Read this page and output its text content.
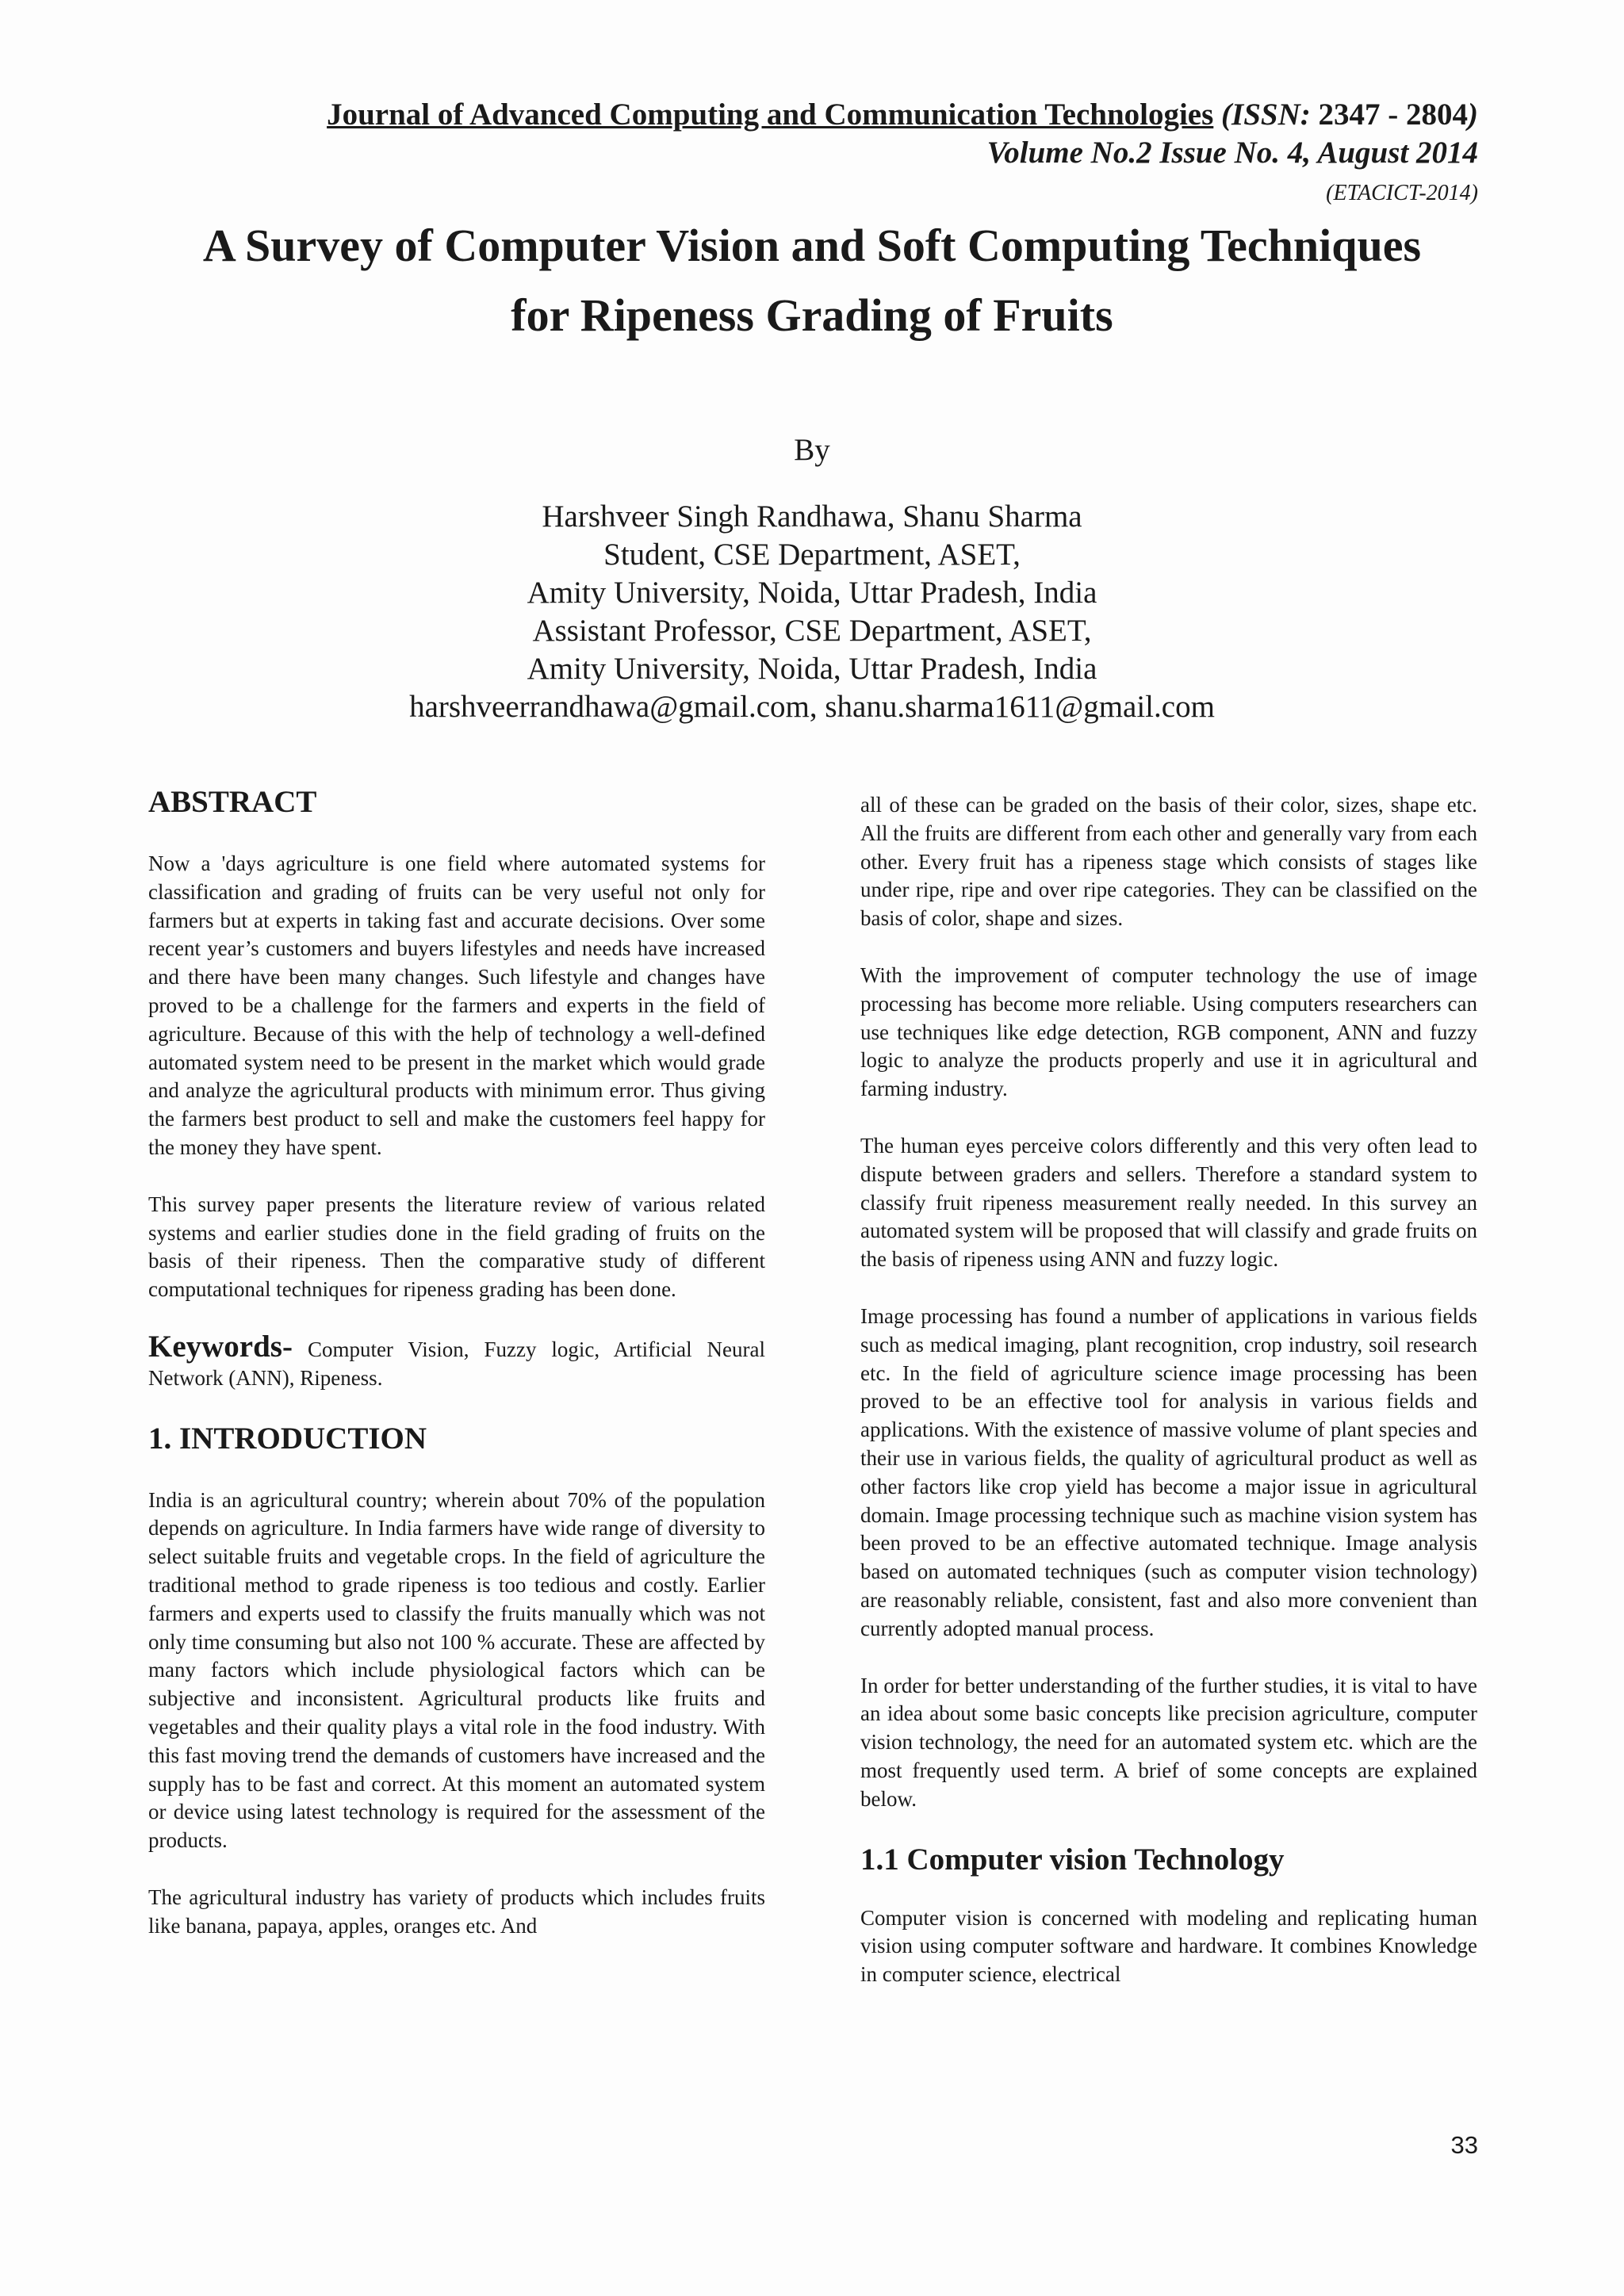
Journal of Advanced Computing and Communication Technologies (ISSN: 2347 - 2804)
Volume No.2 Issue No. 4, August 2014
(ETACICT-2014)
A Survey of Computer Vision and Soft Computing Techniques
for Ripeness Grading of Fruits
By
Harshveer Singh Randhawa, Shanu Sharma
Student, CSE Department, ASET,
Amity University, Noida, Uttar Pradesh, India
Assistant Professor, CSE Department, ASET,
Amity University, Noida, Uttar Pradesh, India
harshveerrandhawa@gmail.com, shanu.sharma1611@gmail.com
ABSTRACT

Now a 'days agriculture is one field where automated systems for classification and grading of fruits can be very useful not only for farmers but at experts in taking fast and accurate decisions. Over some recent year’s customers and buyers lifestyles and needs have increased and there have been many changes. Such lifestyle and changes have proved to be a challenge for the farmers and experts in the field of agriculture. Because of this with the help of technology a well-defined automated system need to be present in the market which would grade and analyze the agricultural products with minimum error. Thus giving the farmers best product to sell and make the customers feel happy for the money they have spent.

This survey paper presents the literature review of various related systems and earlier studies done in the field grading of fruits on the basis of their ripeness. Then the comparative study of different computational techniques for ripeness grading has been done.

Keywords- Computer Vision, Fuzzy logic, Artificial Neural Network (ANN), Ripeness.

1. INTRODUCTION

India is an agricultural country; wherein about 70% of the population depends on agriculture. In India farmers have wide range of diversity to select suitable fruits and vegetable crops. In the field of agriculture the traditional method to grade ripeness is too tedious and costly. Earlier farmers and experts used to classify the fruits manually which was not only time consuming but also not 100 % accurate. These are affected by many factors which include physiological factors which can be subjective and inconsistent. Agricultural products like fruits and vegetables and their quality plays a vital role in the food industry. With this fast moving trend the demands of customers have increased and the supply has to be fast and correct. At this moment an automated system or device using latest technology is required for the assessment of the products.

The agricultural industry has variety of products which includes fruits like banana, papaya, apples, oranges etc. And

all of these can be graded on the basis of their color, sizes, shape etc. All the fruits are different from each other and generally vary from each other. Every fruit has a ripeness stage which consists of stages like under ripe, ripe and over ripe categories. They can be classified on the basis of color, shape and sizes.

With the improvement of computer technology the use of image processing has become more reliable. Using computers researchers can use techniques like edge detection, RGB component, ANN and fuzzy logic to analyze the products properly and use it in agricultural and farming industry.

The human eyes perceive colors differently and this very often lead to dispute between graders and sellers. Therefore a standard system to classify fruit ripeness measurement really needed. In this survey an automated system will be proposed that will classify and grade fruits on the basis of ripeness using ANN and fuzzy logic.

Image processing has found a number of applications in various fields such as medical imaging, plant recognition, crop industry, soil research etc. In the field of agriculture science image processing has been proved to be an effective tool for analysis in various fields and applications. With the existence of massive volume of plant species and their use in various fields, the quality of agricultural product as well as other factors like crop yield has become a major issue in agricultural domain. Image processing technique such as machine vision system has been proved to be an effective automated technique. Image analysis based on automated techniques (such as computer vision technology) are reasonably reliable, consistent, fast and also more convenient than currently adopted manual process.

In order for better understanding of the further studies, it is vital to have an idea about some basic concepts like precision agriculture, computer vision technology, the need for an automated system etc. which are the most frequently used term. A brief of some concepts are explained below.

1.1 Computer vision Technology

Computer vision is concerned with modeling and replicating human vision using computer software and hardware. It combines Knowledge in computer science, electrical

33
